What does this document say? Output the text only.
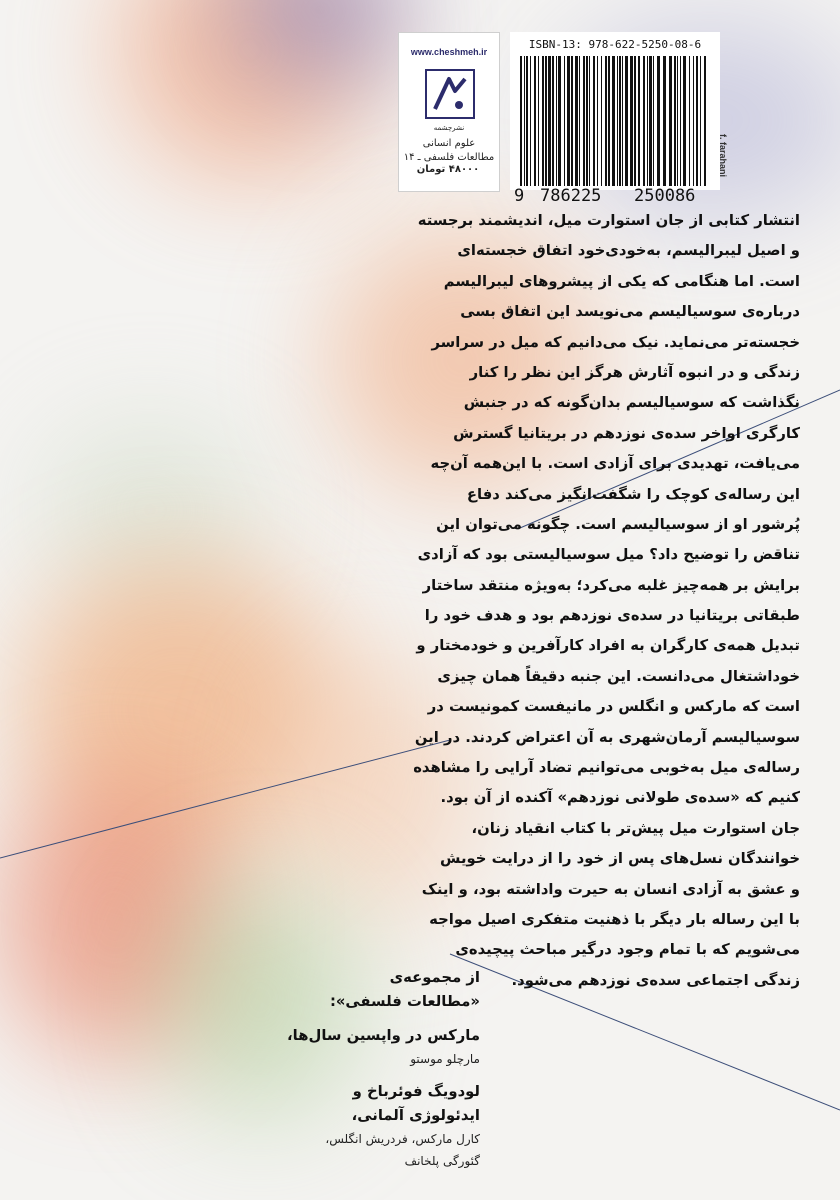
www.cheshmeh.ir
نشرچشمه
علوم انسانی
مطالعات فلسفی ـ ۱۴
۴۸۰۰۰ تومان
ISBN-13: 978-622-5250-08-6
9 786225 250086
f. farahani
انتشار کتابی از جان استوارت میل، اندیشمند برجسته
و اصیل لیبرالیسم، به‌خودی‌خود اتفاق خجسته‌ای
است. اما هنگامی که یکی از پیشروهای لیبرالیسم
درباره‌ی سوسیالیسم می‌نویسد این اتفاق بسی
خجسته‌تر می‌نماید. نیک می‌دانیم که میل در سراسر
زندگی و در انبوه آثارش هرگز این نظر را کنار
نگذاشت که سوسیالیسم بدان‌گونه که در جنبش
کارگری اواخر سده‌ی نوزدهم در بریتانیا گسترش
می‌یافت، تهدیدی برای آزادی است. با این‌همه آن‌چه
این رساله‌ی کوچک را شگفت‌انگیز می‌کند دفاع
پُرشور او از سوسیالیسم است. چگونه می‌توان این
تناقض را توضیح داد؟ میل سوسیالیستی بود که آزادی
برایش بر همه‌چیز غلبه می‌کرد؛ به‌ویژه منتقد ساختار
طبقاتی بریتانیا در سده‌ی نوزدهم بود و هدف خود را
تبدیل همه‌ی کارگران به افراد کارآفرین و خودمختار و
خوداشتغال می‌دانست. این جنبه دقیقاً همان چیزی
است که مارکس و انگلس در مانیفست کمونیست در
سوسیالیسم آرمان‌شهری به آن اعتراض کردند. در این
رساله‌ی میل به‌خوبی می‌توانیم تضاد آرایی را مشاهده
کنیم که «سده‌ی طولانی نوزدهم» آکنده از آن بود.
جان استوارت میل پیش‌تر با کتاب انقیاد زنان،
خوانندگان نسل‌های پس از خود را از درایت خویش
و عشق به آزادی انسان به حیرت واداشته بود، و اینک
با این رساله بار دیگر با ذهنیت متفکری اصیل مواجه
می‌شویم که با تمام وجود درگیر مباحث پیچیده‌ی
زندگی اجتماعی سده‌ی نوزدهم می‌شود.
از مجموعه‌ی
«مطالعات فلسفی»:
مارکس در واپسین سال‌ها،
مارچلو موستو
لودویگ فوئرباخ و
ایدئولوژی آلمانی،
کارل مارکس، فردریش انگلس،
گئورگی پلخانف
